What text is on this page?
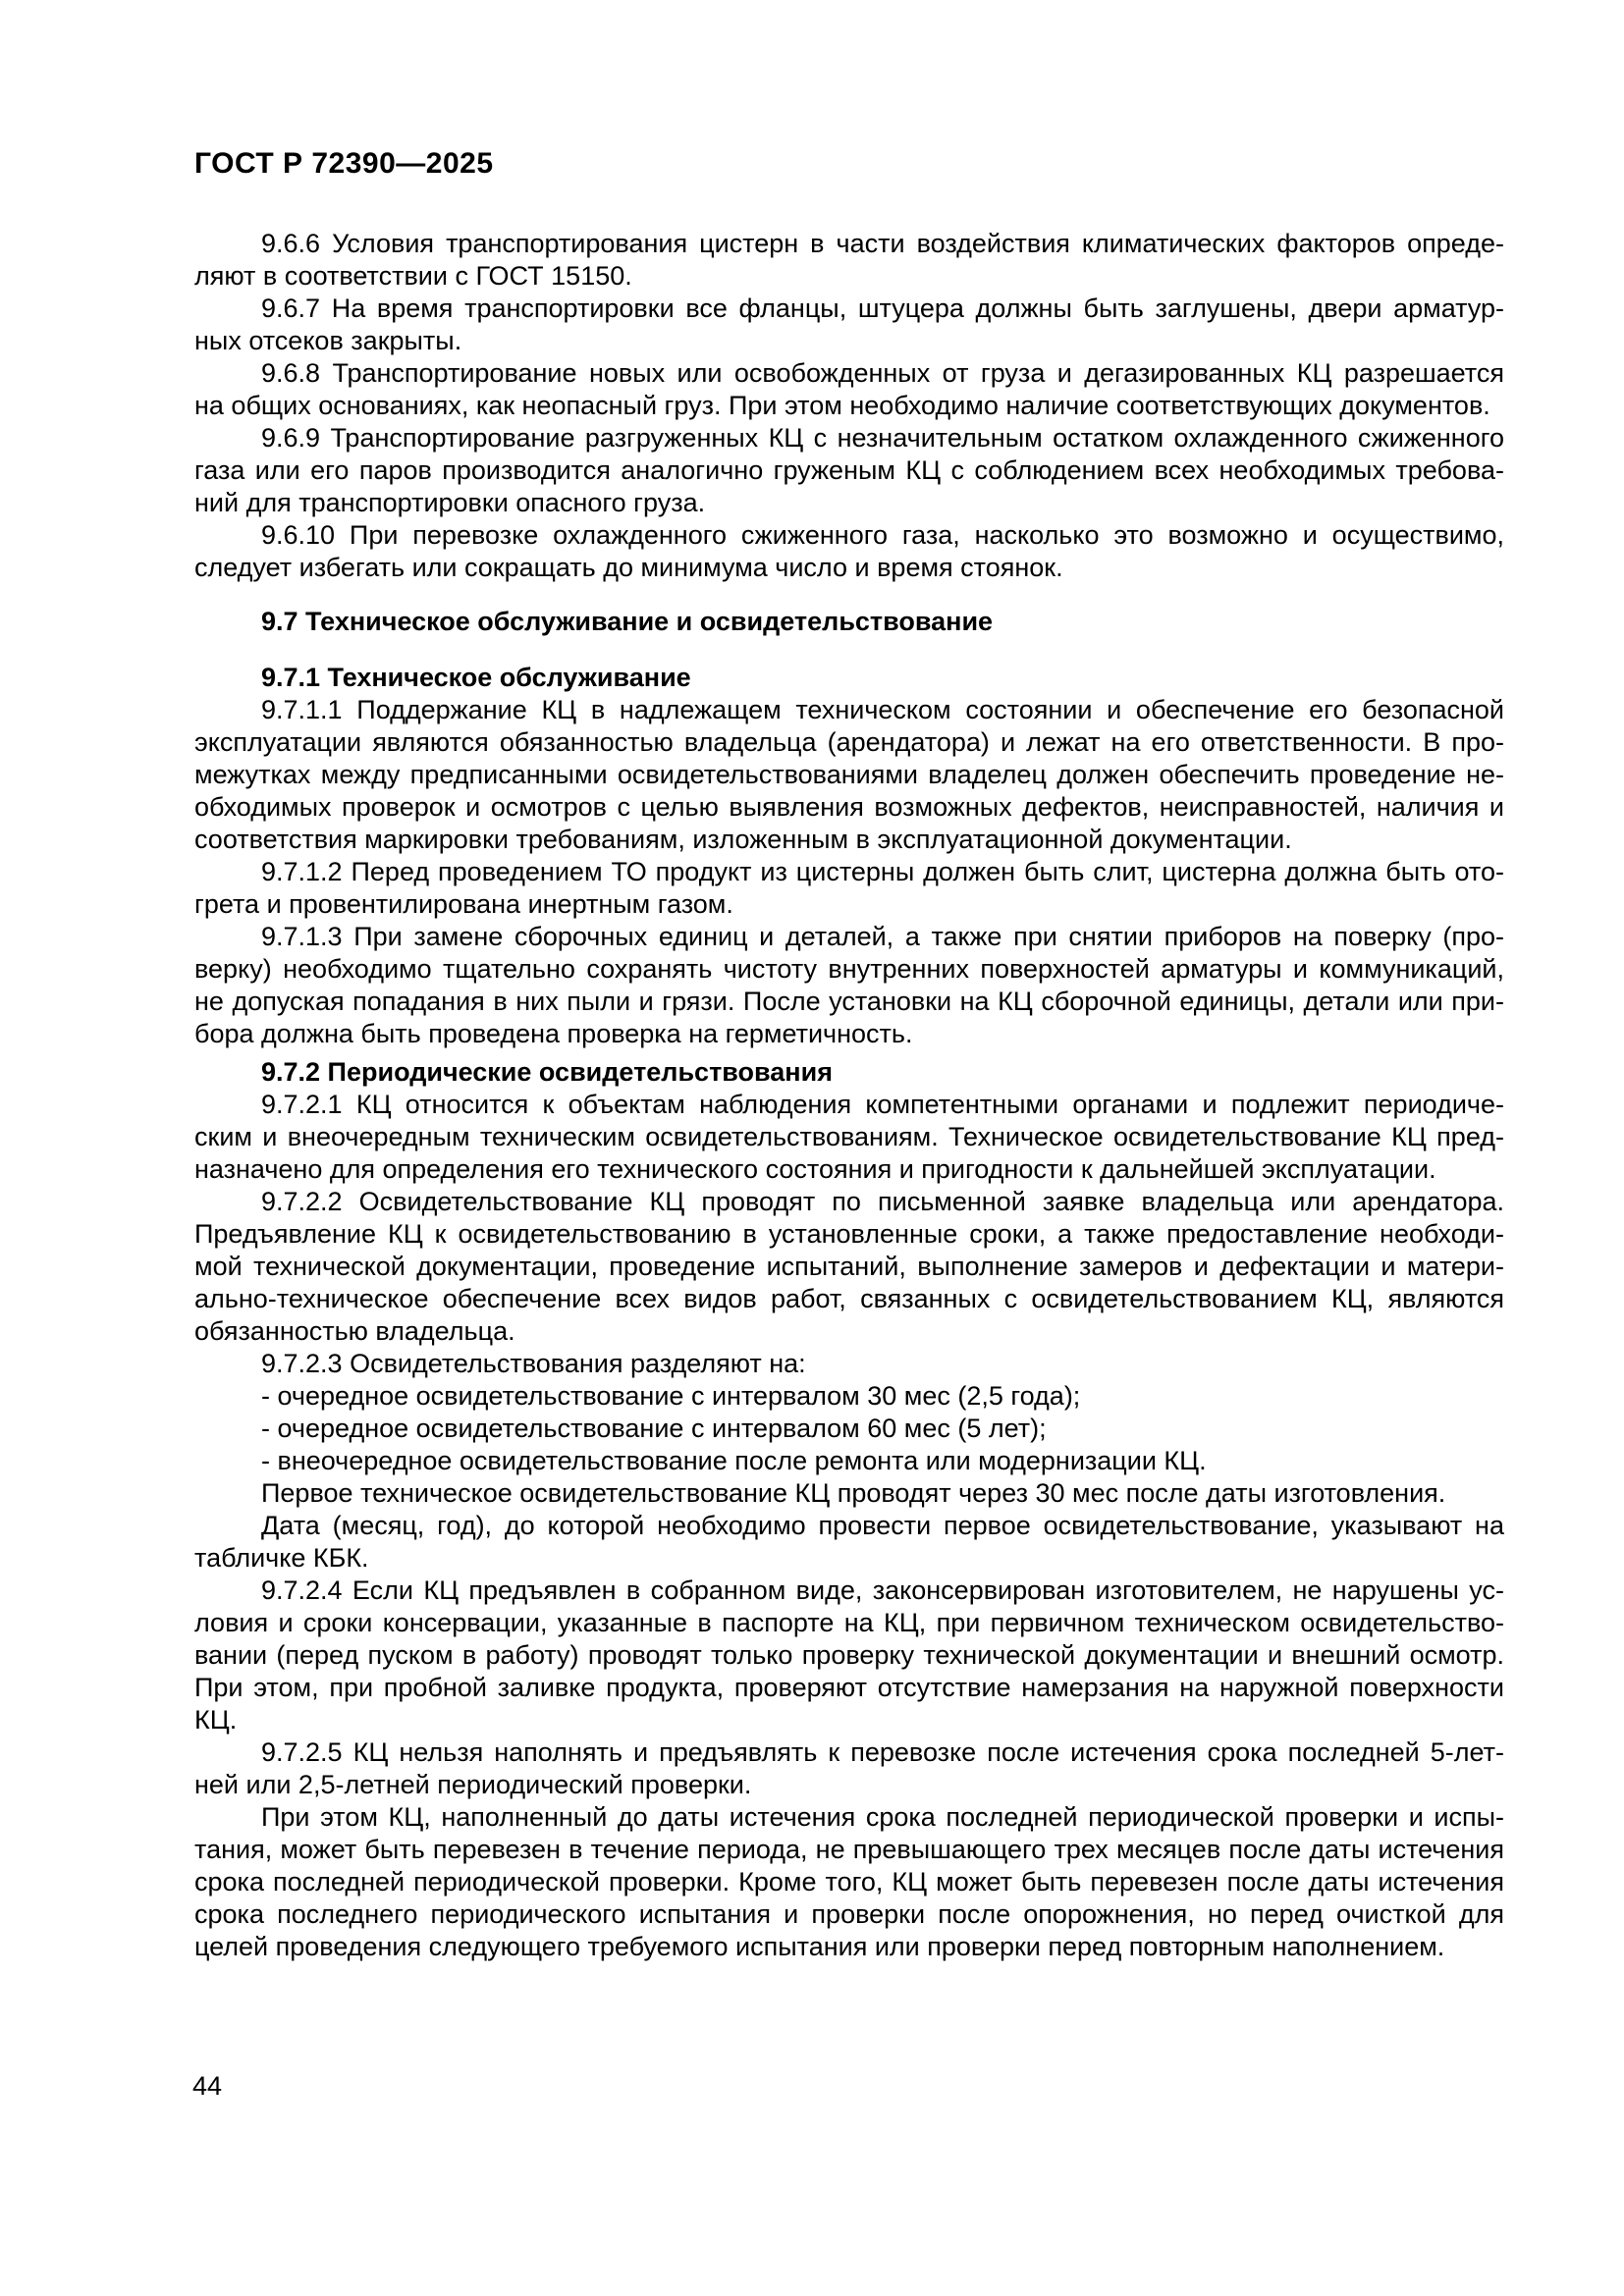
ГОСТ Р 72390—2025
9.6.6 Условия транспортирования цистерн в части воздействия климатических факторов опреде-
ляют в соответствии с ГОСТ 15150.
9.6.7 На время транспортировки все фланцы, штуцера должны быть заглушены, двери арматур-
ных отсеков закрыты.
9.6.8 Транспортирование новых или освобожденных от груза и дегазированных КЦ разрешается
на общих основаниях, как неопасный груз. При этом необходимо наличие соответствующих документов.
9.6.9 Транспортирование разгруженных КЦ с незначительным остатком охлажденного сжиженного
газа или его паров производится аналогично груженым КЦ с соблюдением всех необходимых требова-
ний для транспортировки опасного груза.
9.6.10 При перевозке охлажденного сжиженного газа, насколько это возможно и осуществимо,
следует избегать или сокращать до минимума число и время стоянок.
9.7 Техническое обслуживание и освидетельствование
9.7.1 Техническое обслуживание
9.7.1.1 Поддержание КЦ в надлежащем техническом состоянии и обеспечение его безопасной
эксплуатации являются обязанностью владельца (арендатора) и лежат на его ответственности. В про-
межутках между предписанными освидетельствованиями владелец должен обеспечить проведение не-
обходимых проверок и осмотров с целью выявления возможных дефектов, неисправностей, наличия и
соответствия маркировки требованиям, изложенным в эксплуатационной документации.
9.7.1.2 Перед проведением ТО продукт из цистерны должен быть слит, цистерна должна быть ото-
грета и провентилирована инертным газом.
9.7.1.3 При замене сборочных единиц и деталей, а также при снятии приборов на поверку (про-
верку) необходимо тщательно сохранять чистоту внутренних поверхностей арматуры и коммуникаций,
не допуская попадания в них пыли и грязи. После установки на КЦ сборочной единицы, детали или при-
бора должна быть проведена проверка на герметичность.
9.7.2 Периодические освидетельствования
9.7.2.1 КЦ относится к объектам наблюдения компетентными органами и подлежит периодиче-
ским и внеочередным техническим освидетельствованиям. Техническое освидетельствование КЦ пред-
назначено для определения его технического состояния и пригодности к дальнейшей эксплуатации.
9.7.2.2 Освидетельствование КЦ проводят по письменной заявке владельца или арендатора.
Предъявление КЦ к освидетельствованию в установленные сроки, а также предоставление необходи-
мой технической документации, проведение испытаний, выполнение замеров и дефектации и матери-
ально-техническое обеспечение всех видов работ, связанных с освидетельствованием КЦ, являются
обязанностью владельца.
9.7.2.3 Освидетельствования разделяют на:
- очередное освидетельствование с интервалом 30 мес (2,5 года);
- очередное освидетельствование с интервалом 60 мес (5 лет);
- внеочередное освидетельствование после ремонта или модернизации КЦ.
Первое техническое освидетельствование КЦ проводят через 30 мес после даты изготовления.
Дата (месяц, год), до которой необходимо провести первое освидетельствование, указывают на
табличке КБК.
9.7.2.4 Если КЦ предъявлен в собранном виде, законсервирован изготовителем, не нарушены ус-
ловия и сроки консервации, указанные в паспорте на КЦ, при первичном техническом освидетельство-
вании (перед пуском в работу) проводят только проверку технической документации и внешний осмотр.
При этом, при пробной заливке продукта, проверяют отсутствие намерзания на наружной поверхности
КЦ.
9.7.2.5 КЦ нельзя наполнять и предъявлять к перевозке после истечения срока последней 5-лет-
ней или 2,5-летней периодический проверки.
При этом КЦ, наполненный до даты истечения срока последней периодической проверки и испы-
тания, может быть перевезен в течение периода, не превышающего трех месяцев после даты истечения
срока последней периодической проверки. Кроме того, КЦ может быть перевезен после даты истечения
срока последнего периодического испытания и проверки после опорожнения, но перед очисткой для
целей проведения следующего требуемого испытания или проверки перед повторным наполнением.
44
